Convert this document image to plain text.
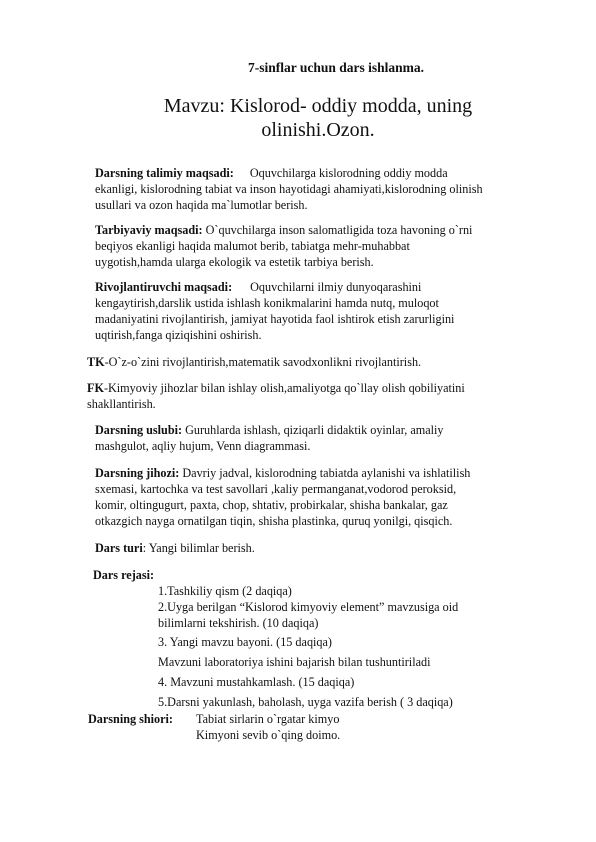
7-sinflar uchun dars ishlanma.
Mavzu: Kislorod- oddiy modda, uning
olinishi.Ozon.
Darsning talimiy maqsadi: Oquvchilarga kislorodning oddiy modda
ekanligi, kislorodning tabiat va inson hayotidagi ahamiyati,kislorodning olinish
usullari va ozon haqida ma`lumotlar berish.
Tarbiyaviy maqsadi: O`quvchilarga inson salomatligida toza havoning o`rni
beqiyos ekanligi haqida malumot berib, tabiatga mehr-muhabbat
uygotish,hamda ularga ekologik va estetik tarbiya berish.
Rivojlantiruvchi maqsadi: Oquvchilarni ilmiy dunyoqarashini
kengaytirish,darslik ustida ishlash konikmalarini hamda nutq, muloqot
madaniyatini rivojlantirish, jamiyat hayotida faol ishtirok etish zarurligini
uqtirish,fanga qiziqishini oshirish.
TK-O`z-o`zini rivojlantirish,matematik savodxonlikni rivojlantirish.
FK-Kimyoviy jihozlar bilan ishlay olish,amaliyotga qo`llay olish qobiliyatini
shakllantirish.
Darsning uslubi: Guruhlarda ishlash, qiziqarli didaktik oyinlar, amaliy
mashgulot, aqliy hujum, Venn diagrammasi.
Darsning jihozi: Davriy jadval, kislorodning tabiatda aylanishi va ishlatilish
sxemasi, kartochka va test savollari ,kaliy permanganat,vodorod peroksid,
komir, oltingugurt, paxta, chop, shtativ, probirkalar, shisha bankalar, gaz
otkazgich nayga ornatilgan tiqin, shisha plastinka, quruq yonilgi, qisqich.
Dars turi: Yangi bilimlar berish.
Dars rejasi:
1.Tashkiliy qism (2 daqiqa)
2.Uyga berilgan “Kislorod kimyoviy element” mavzusiga oid
bilimlarni tekshirish. (10 daqiqa)
3. Yangi mavzu bayoni. (15 daqiqa)
Mavzuni laboratoriya ishini bajarish bilan tushuntiriladi
4. Mavzuni mustahkamlash. (15 daqiqa)
5.Darsni yakunlash, baholash, uyga vazifa berish ( 3 daqiqa)
Darsning shiori: Tabiat sirlarin o`rgatar kimyo
Kimyoni sevib o`qing doimo.
